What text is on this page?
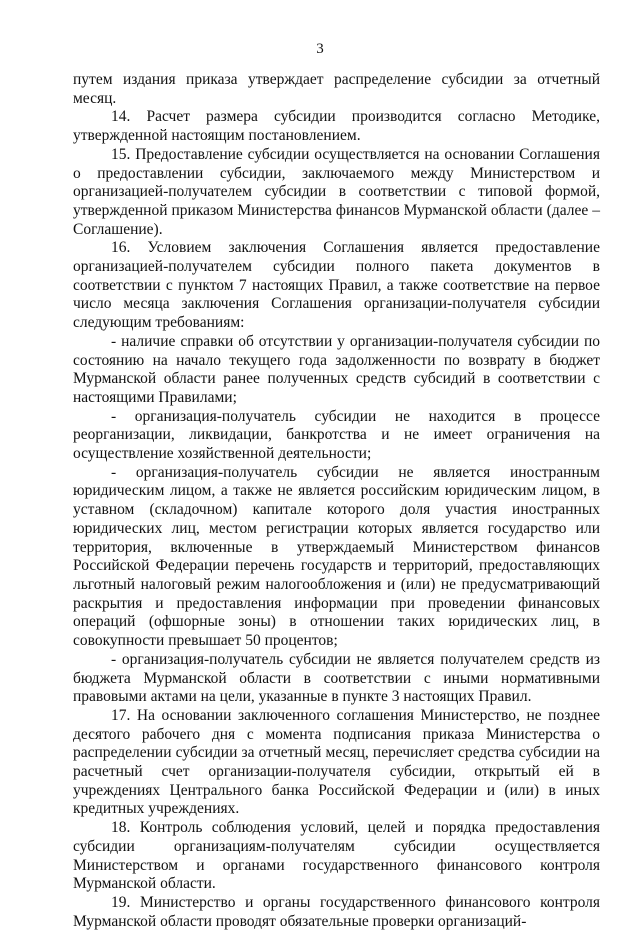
3

путем издания приказа утверждает распределение субсидии за отчетный месяц.

14. Расчет размера субсидии производится согласно Методике, утвержденной настоящим постановлением.

15. Предоставление субсидии осуществляется на основании Соглашения о предоставлении субсидии, заключаемого между Министерством и организацией-получателем субсидии в соответствии с типовой формой, утвержденной приказом Министерства финансов Мурманской области (далее – Соглашение).

16. Условием заключения Соглашения является предоставление организацией-получателем субсидии полного пакета документов в соответствии с пунктом 7 настоящих Правил, а также соответствие на первое число месяца заключения Соглашения организации-получателя субсидии следующим требованиям:

- наличие справки об отсутствии у организации-получателя субсидии по состоянию на начало текущего года задолженности по возврату в бюджет Мурманской области ранее полученных средств субсидий в соответствии с настоящими Правилами;

- организация-получатель субсидии не находится в процессе реорганизации, ликвидации, банкротства и не имеет ограничения на осуществление хозяйственной деятельности;

- организация-получатель субсидии не является иностранным юридическим лицом, а также не является российским юридическим лицом, в уставном (складочном) капитале которого доля участия иностранных юридических лиц, местом регистрации которых является государство или территория, включенные в утверждаемый Министерством финансов Российской Федерации перечень государств и территорий, предоставляющих льготный налоговый режим налогообложения и (или) не предусматривающий раскрытия и предоставления информации при проведении финансовых операций (офшорные зоны) в отношении таких юридических лиц, в совокупности превышает 50 процентов;

- организация-получатель субсидии не является получателем средств из бюджета Мурманской области в соответствии с иными нормативными правовыми актами на цели, указанные в пункте 3 настоящих Правил.

17. На основании заключенного соглашения Министерство, не позднее десятого рабочего дня с момента подписания приказа Министерства о распределении субсидии за отчетный месяц, перечисляет средства субсидии на расчетный счет организации-получателя субсидии, открытый ей в учреждениях Центрального банка Российской Федерации и (или) в иных кредитных учреждениях.

18. Контроль соблюдения условий, целей и порядка предоставления субсидии организациям-получателям субсидии осуществляется Министерством и органами государственного финансового контроля Мурманской области.

19. Министерство и органы государственного финансового контроля Мурманской области проводят обязательные проверки организаций-
